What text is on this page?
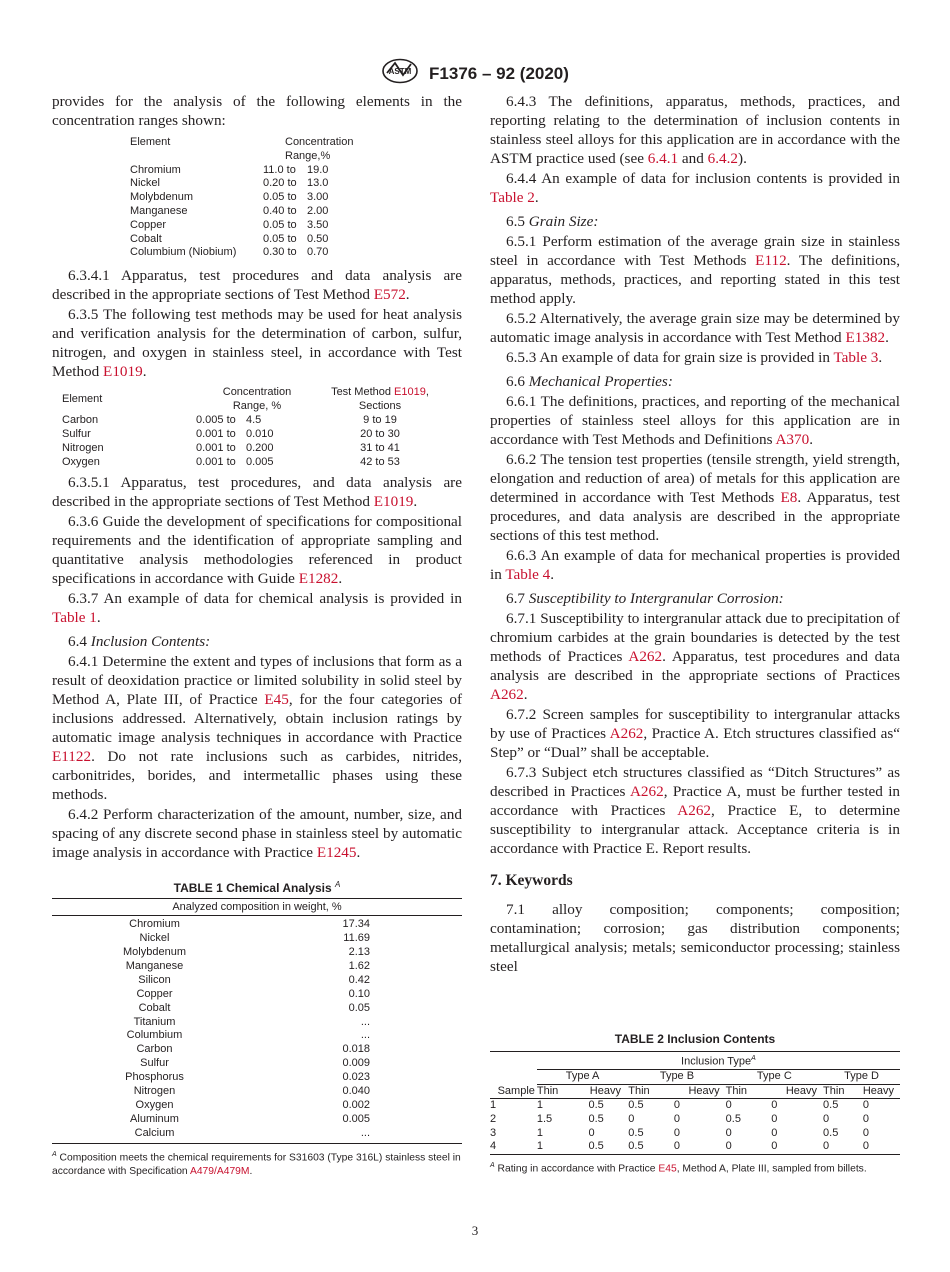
ASTM F1376 – 92 (2020)

provides for the analysis of the following elements in the concentration ranges shown:

Element	Concentration	
	Range,%	
Chromium	11.0 to	19.0
Nickel	0.20 to	13.0
Molybdenum	0.05 to	3.00
Manganese	0.40 to	2.00
Copper	0.05 to	3.50
Cobalt	0.05 to	0.50
Columbium (Niobium)	0.30 to	0.70

6.3.4.1 Apparatus, test procedures and data analysis are described in the appropriate sections of Test Method E572.

6.3.5 The following test methods may be used for heat analysis and verification analysis for the determination of carbon, sulfur, nitrogen, and oxygen in stainless steel, in accordance with Test Method E1019.

Element	Concentration		Test Method E1019,
	Range, %		Sections
Carbon	0.005 to	4.5	9 to 19
Sulfur	0.001 to	0.010	20 to 30
Nitrogen	0.001 to	0.200	31 to 41
Oxygen	0.001 to	0.005	42 to 53

6.3.5.1 Apparatus, test procedures, and data analysis are described in the appropriate sections of Test Method E1019.

6.3.6 Guide the development of specifications for compositional requirements and the identification of appropriate sampling and quantitative analysis methodologies referenced in product specifications in accordance with Guide E1282.

6.3.7 An example of data for chemical analysis is provided in Table 1.

6.4 Inclusion Contents:

6.4.1 Determine the extent and types of inclusions that form as a result of deoxidation practice or limited solubility in solid steel by Method A, Plate III, of Practice E45, for the four categories of inclusions addressed. Alternatively, obtain inclusion ratings by automatic image analysis techniques in accordance with Practice E1122. Do not rate inclusions such as carbides, nitrides, carbonitrides, borides, and intermetallic phases using these methods.

6.4.2 Perform characterization of the amount, number, size, and spacing of any discrete second phase in stainless steel by automatic image analysis in accordance with Practice E1245.

TABLE 1 Chemical Analysis $^A$
Analyzed composition in weight, %
Chromium	17.34
Nickel	11.69
Molybdenum	2.13
Manganese	1.62
Silicon	0.42
Copper	0.10
Cobalt	0.05
Titanium	...
Columbium	...
Carbon	0.018
Sulfur	0.009
Phosphorus	0.023
Nitrogen	0.040
Oxygen	0.002
Aluminum	0.005
Calcium	...
$^A$ Composition meets the chemical requirements for S31603 (Type 316L) stainless steel in accordance with Specification A479/A479M.

6.4.3 The definitions, apparatus, methods, practices, and reporting relating to the determination of inclusion contents in stainless steel alloys for this application are in accordance with the ASTM practice used (see 6.4.1 and 6.4.2).

6.4.4 An example of data for inclusion contents is provided in Table 2.

6.5 Grain Size:

6.5.1 Perform estimation of the average grain size in stainless steel in accordance with Test Methods E112. The definitions, apparatus, methods, practices, and reporting stated in this test method apply.

6.5.2 Alternatively, the average grain size may be determined by automatic image analysis in accordance with Test Method E1382.

6.5.3 An example of data for grain size is provided in Table 3.

6.6 Mechanical Properties:

6.6.1 The definitions, practices, and reporting of the mechanical properties of stainless steel alloys for this application are in accordance with Test Methods and Definitions A370.

6.6.2 The tension test properties (tensile strength, yield strength, elongation and reduction of area) of metals for this application are determined in accordance with Test Methods E8. Apparatus, test procedures, and data analysis are described in the appropriate sections of this test method.

6.6.3 An example of data for mechanical properties is provided in Table 4.

6.7 Susceptibility to Intergranular Corrosion:

6.7.1 Susceptibility to intergranular attack due to precipitation of chromium carbides at the grain boundaries is detected by the test methods of Practices A262. Apparatus, test procedures and data analysis are described in the appropriate sections of Practices A262.

6.7.2 Screen samples for susceptibility to intergranular attacks by use of Practices A262, Practice A. Etch structures classified as“ Step” or “Dual” shall be acceptable.

6.7.3 Subject etch structures classified as “Ditch Structures” as described in Practices A262, Practice A, must be further tested in accordance with Practices A262, Practice E, to determine susceptibility to intergranular attack. Acceptance criteria is in accordance with Practice E. Report results.

7. Keywords

7.1 alloy composition; components; composition; contamination; corrosion; gas distribution components; metallurgical analysis; metals; semiconductor processing; stainless steel

TABLE 2 Inclusion Contents
	Inclusion Type$^A$
	Type A		Type B		Type C		Type D	
Sample	Thin	Heavy	Thin	Heavy	Thin	Heavy	Thin	Heavy
1	1	0.5	0.5	0	0	0	0.5	0
2	1.5	0.5	0	0	0.5	0	0	0
3	1	0	0.5	0	0	0	0.5	0
4	1	0.5	0.5	0	0	0	0	0
$^A$ Rating in accordance with Practice E45, Method A, Plate III, sampled from billets.
3
